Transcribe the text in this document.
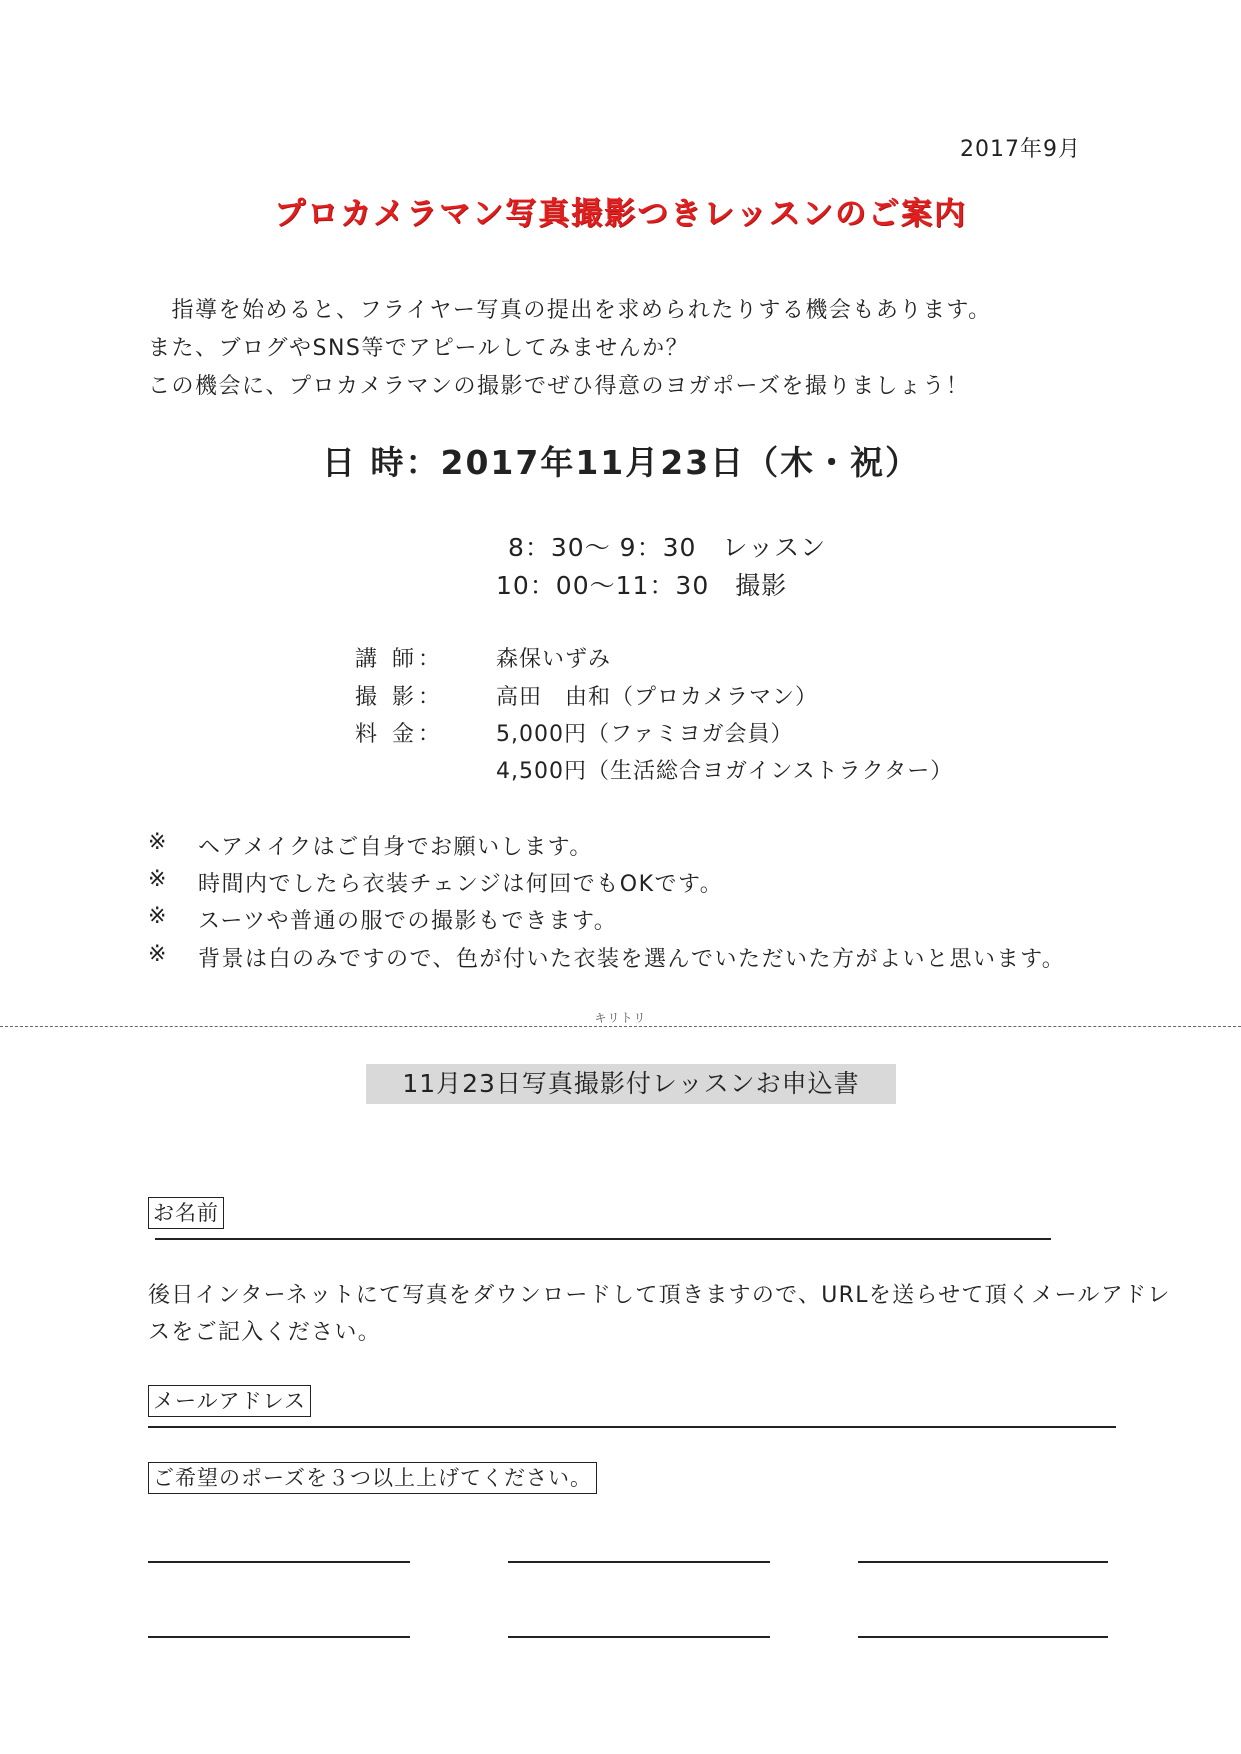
2017年9月
プロカメラマン写真撮影つきレッスンのご案内
　指導を始めると、フライヤー写真の提出を求められたりする機会もあります。
また、ブログやSNS等でアピールしてみませんか？
この機会に、プロカメラマンの撮影でぜひ得意のヨガポーズを撮りましょう！
日 時：2017年11月23日（木・祝）
8：30～ 9：30　レッスン
10：00～11：30　撮影
講 師： 森保いずみ
撮 影： 高田　由和（プロカメラマン）
料 金： 5,000円（ファミヨガ会員）
4,500円（生活総合ヨガインストラクター）
※ ヘアメイクはご自身でお願いします。
※ 時間内でしたら衣装チェンジは何回でもOKです。
※ スーツや普通の服での撮影もできます。
※ 背景は白のみですので、色が付いた衣装を選んでいただいた方がよいと思います。
キリトリ
11月23日写真撮影付レッスンお申込書
お名前
後日インターネットにて写真をダウンロードして頂きますので、URLを送らせて頂くメールアドレ
スをご記入ください。
メールアドレス
ご希望のポーズを３つ以上上げてください。
